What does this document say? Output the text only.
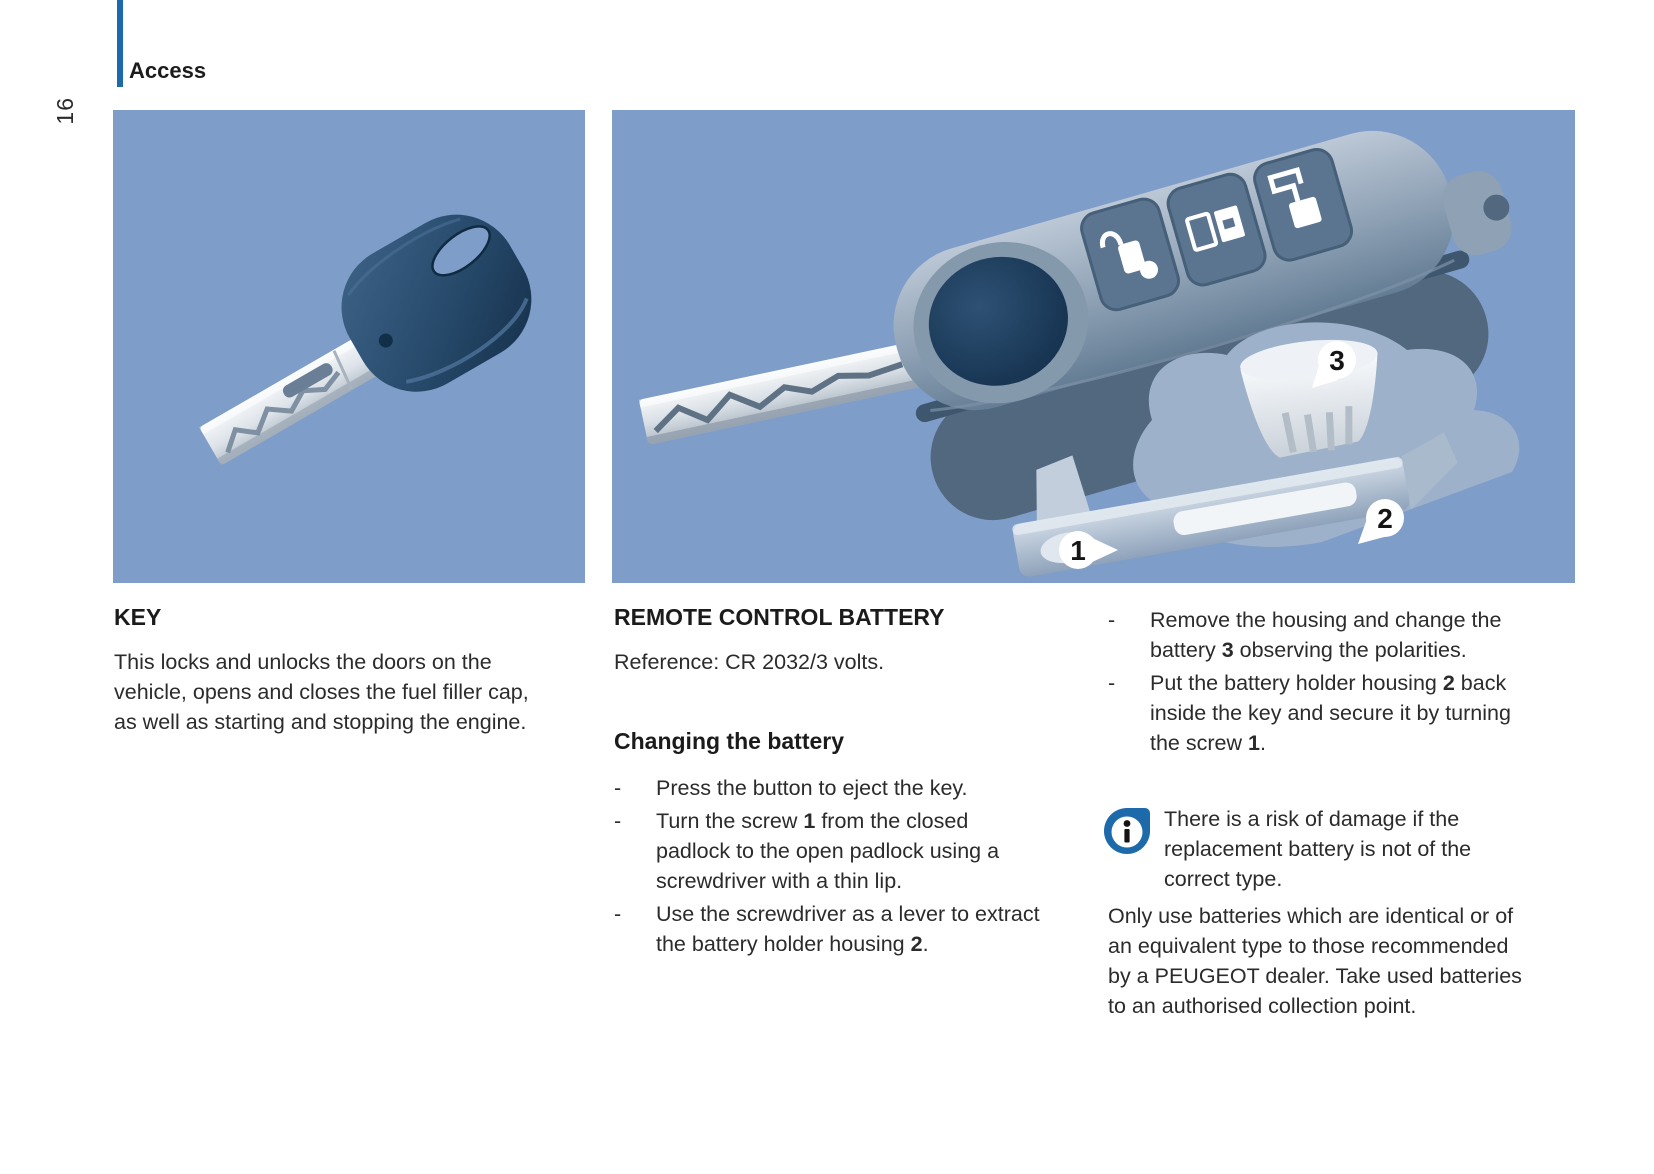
16
Access
1
2
3
KEY
This locks and unlocks the doors on the
vehicle, opens and closes the fuel filler cap,
as well as starting and stopping the engine.
REMOTE CONTROL BATTERY
Reference: CR 2032/3 volts.
Changing the battery
-	Press the button to eject the key.
-	Turn the screw 1 from the closed
padlock to the open padlock using a
screwdriver with a thin lip.
-	Use the screwdriver as a lever to extract
the battery holder housing 2.
-	Remove the housing and change the
battery 3 observing the polarities.
-	Put the battery holder housing 2 back
inside the key and secure it by turning
the screw 1.
There is a risk of damage if the
replacement battery is not of the
correct type.
Only use batteries which are identical or of
an equivalent type to those recommended
by a PEUGEOT dealer. Take used batteries
to an authorised collection point.
